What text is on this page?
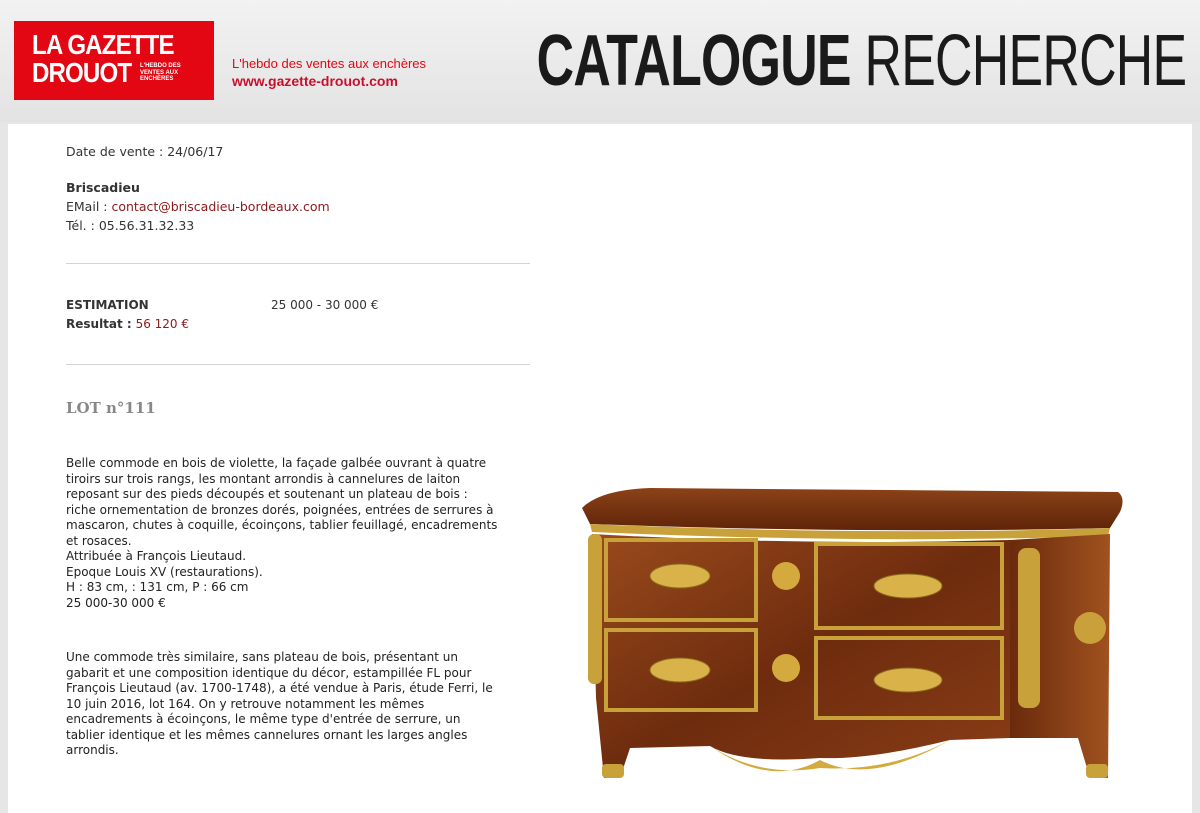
LA GAZETTE
DROUOT L'HEBDO DES VENTES AUX ENCHÈRES
L'hebdo des ventes aux enchères
www.gazette-drouot.com CATALOGUE RECHERCHE
Date de vente : 24/06/17
Briscadieu
EMail : contact@briscadieu-bordeaux.com
Tél. : 05.56.31.32.33
ESTIMATION	25 000 - 30 000 €
Resultat : 56 120 €
LOT n°111

Belle commode en bois de violette, la façade galbée ouvrant à quatre

tiroirs sur trois rangs, les montant arrondis à cannelures de laiton

reposant sur des pieds découpés et soutenant un plateau de bois :

riche ornementation de bronzes dorés, poignées, entrées de serrures à

mascaron, chutes à coquille, écoinçons, tablier feuillagé, encadrements

et rosaces.

Attribuée à François Lieutaud.

Epoque Louis XV (restaurations).

H : 83 cm, : 131 cm, P : 66 cm

25 000-30 000 €

Une commode très similaire, sans plateau de bois, présentant un

gabarit et une composition identique du décor, estampillée FL pour

François Lieutaud (av. 1700-1748), a été vendue à Paris, étude Ferri, le

10 juin 2016, lot 164. On y retrouve notamment les mêmes

encadrements à écoinçons, le même type d'entrée de serrure, un

tablier identique et les mêmes cannelures ornant les larges angles

arrondis.
